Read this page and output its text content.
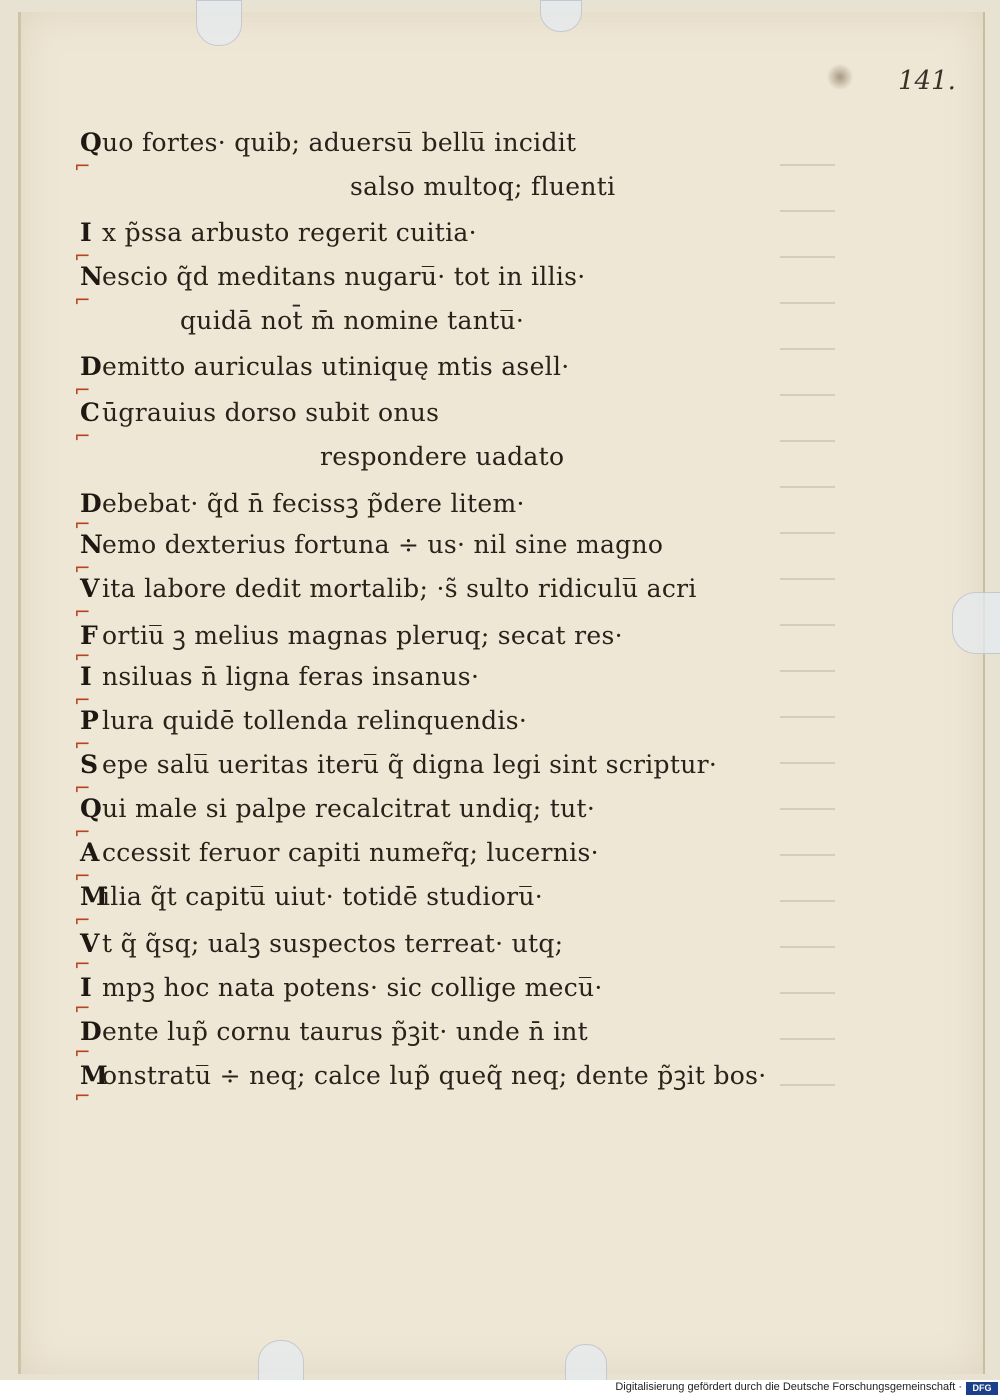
141.
Quo fortes· quib; aduersu̅ bellu̅ incidit
⌐
salso multoq; fluenti
I x p̃ssa arbusto regerit cuitia·
⌐
Nescio q̃d meditans nugaru̅· tot in illis·
⌐
quidā not̄ m̄ nomine tantu̅·
Demitto auriculas utiniquę mtis asell·
⌐
Cūgrauius dorso subit onus
⌐
respondere uadato
Debebat· q̃d n̄ fecissꝫ p̃dere litem·
⌐
Nemo dexterius fortuna ÷ us· nil sine magno
⌐
Vita labore dedit mortalib; ·s̃ sulto ridiculu̅ acri
⌐
F ortiu̅ ꝫ melius magnas pleruq; secat res·
⌐
I nsiluas n̄ ligna feras insanus·
⌐
P lura quidē tollenda relinquendis·
⌐
S epe salu̅ ueritas iteru̅ q̃ digna legi sint scriptur·
⌐
Qui male si palpe recalcitrat undiq; tut·
⌐
Accessit feruor capiti numer̃q; lucernis·
⌐
Milia q̃t capitu̅ uiut· totidē studioru̅·
⌐
Vt q̃ q̃sq; ualꝫ suspectos terreat· utq;
⌐
I mpꝫ hoc nata potens· sic collige mecu̅·
⌐
Dente lup̃ cornu taurus p̃ꝫit· unde n̄ int
⌐
Monstratu̅ ÷ neq; calce lup̃ queq̃ neq; dente p̃ꝫit bos·
⌐
Digitalisierung gefördert durch die Deutsche Forschungsgemeinschaft ·	DFG
